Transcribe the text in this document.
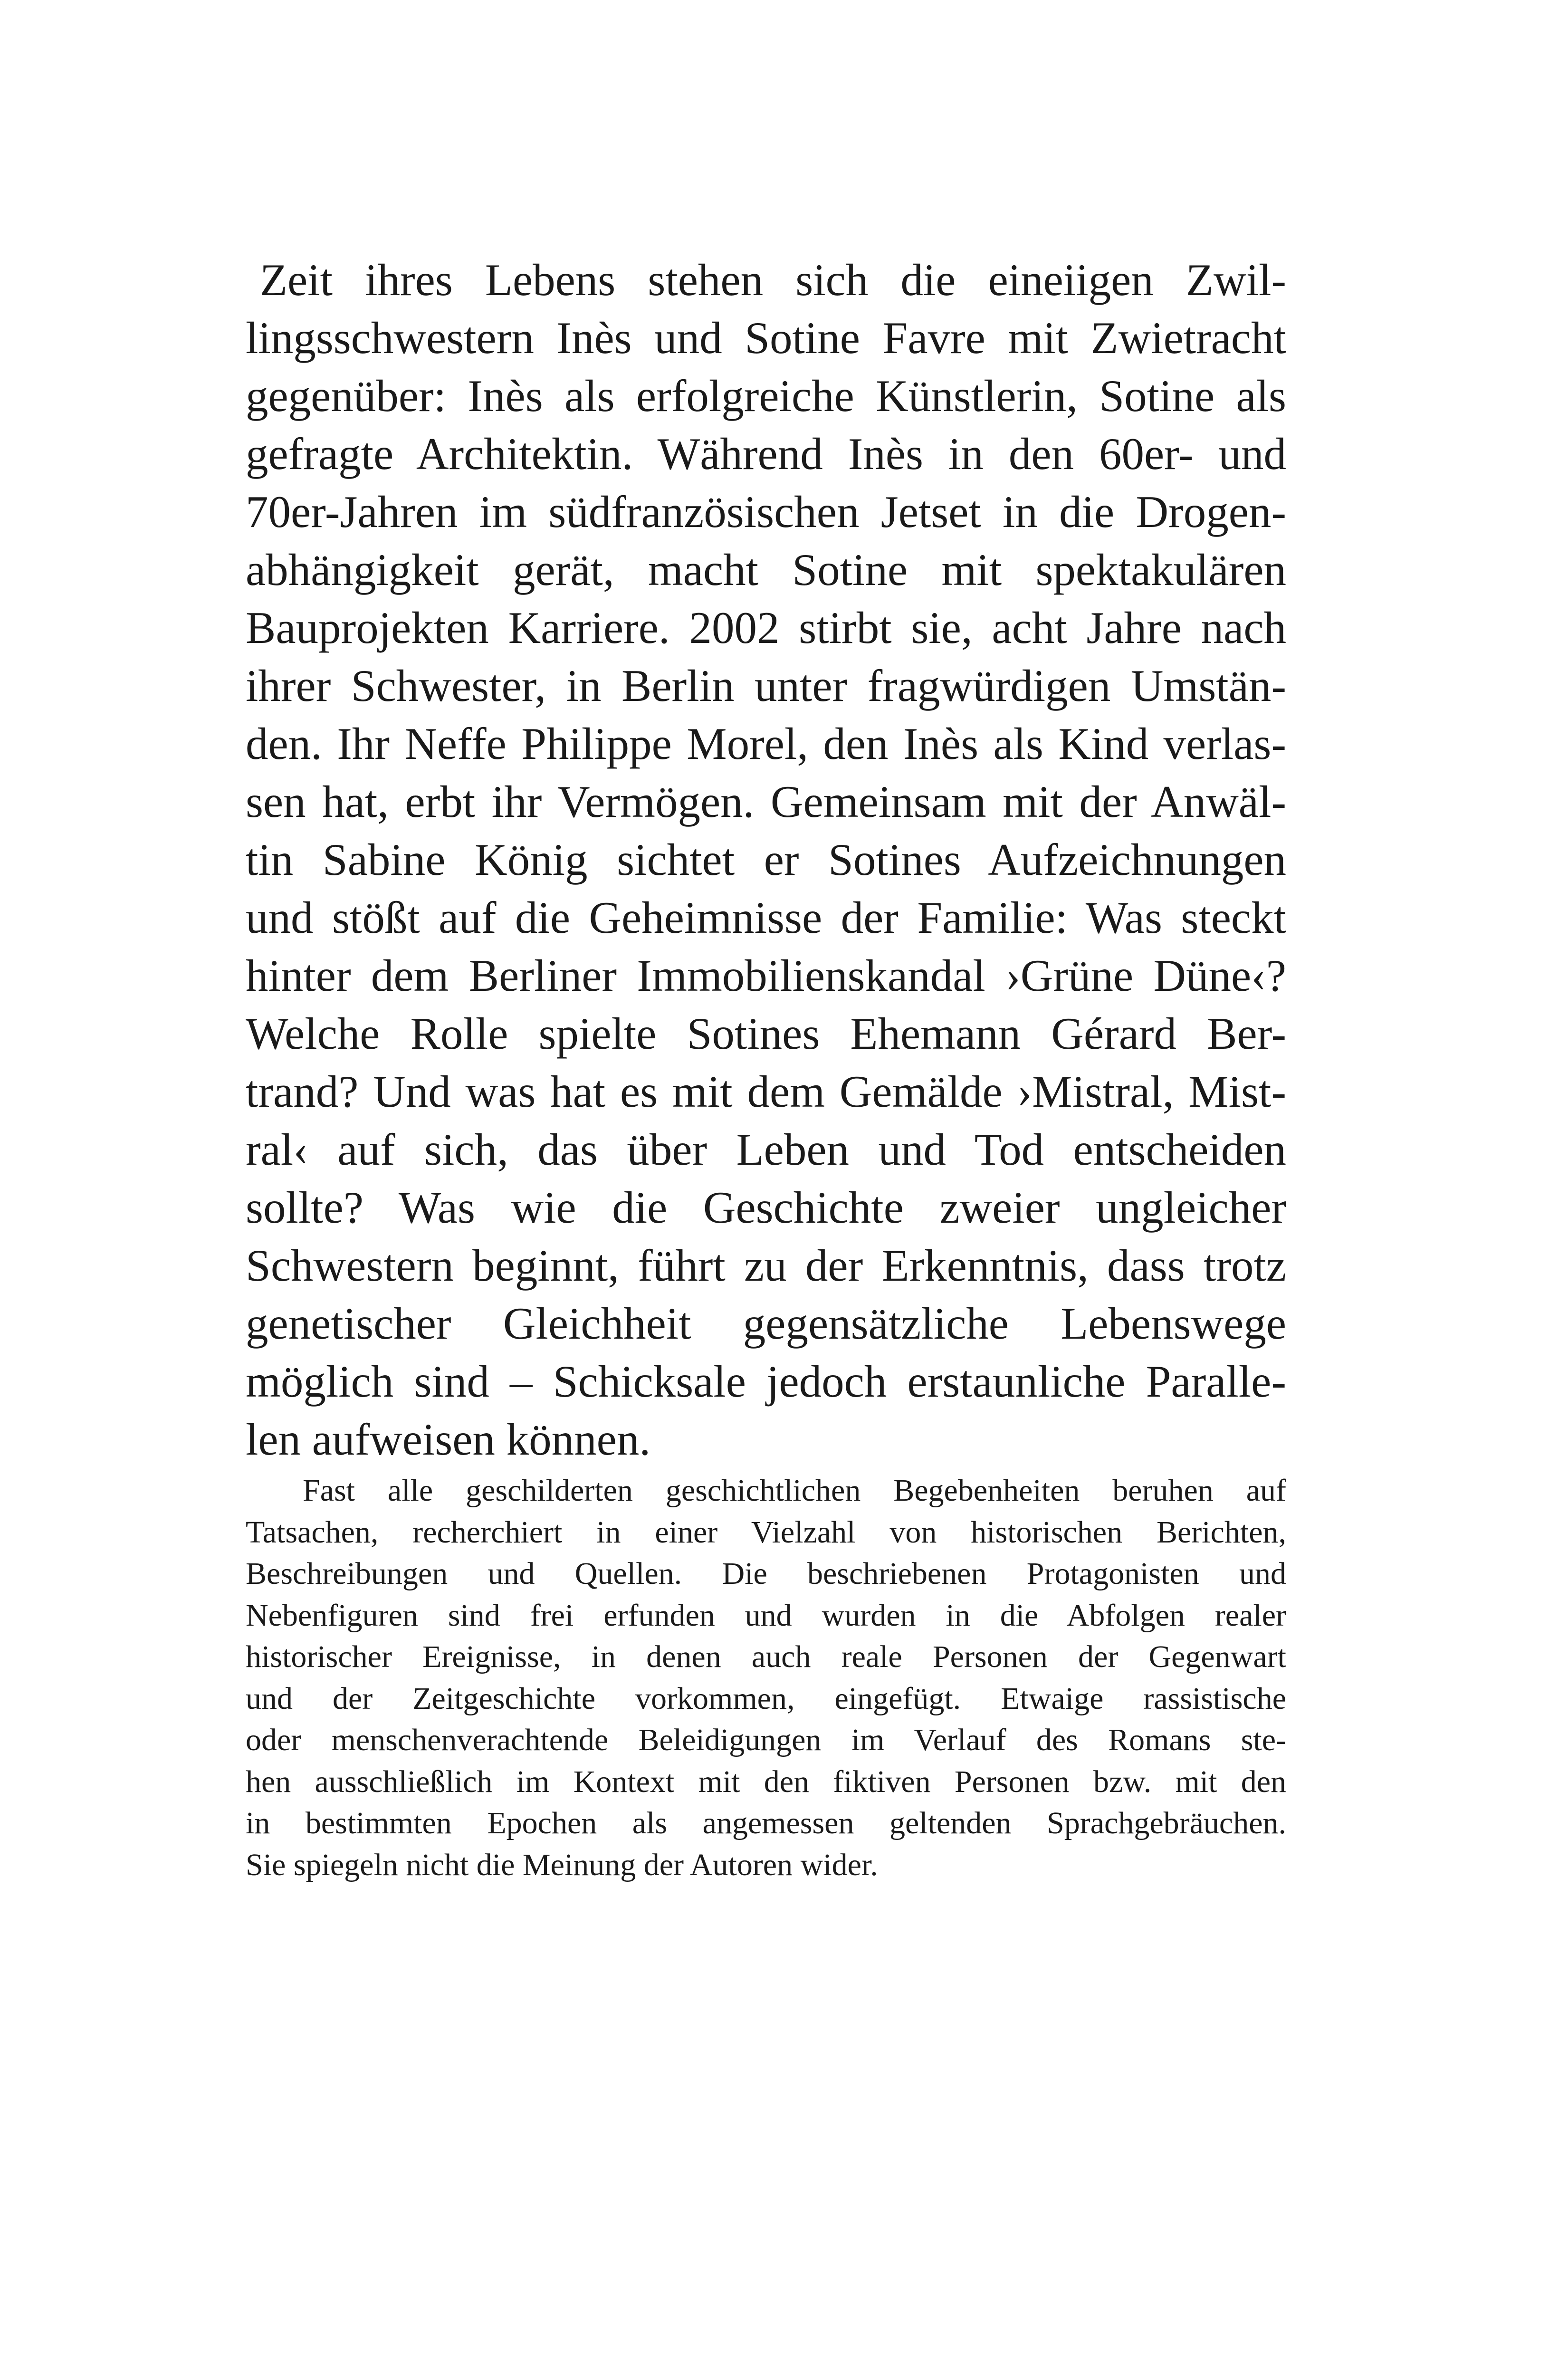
Zeit ihres Lebens stehen sich die eineiigen Zwil-
lingsschwestern Inès und Sotine Favre mit Zwietracht
gegenüber: Inès als erfolgreiche Künstlerin, Sotine als
gefragte Architektin. Während Inès in den 60er- und
70er-Jahren im südfranzösischen Jetset in die Drogen-
abhängigkeit gerät, macht Sotine mit spektakulären
Bauprojekten Karriere. 2002 stirbt sie, acht Jahre nach
ihrer Schwester, in Berlin unter fragwürdigen Umstän-
den. Ihr Neffe Philippe Morel, den Inès als Kind verlas-
sen hat, erbt ihr Vermögen. Gemeinsam mit der Anwäl-
tin Sabine König sichtet er Sotines Aufzeichnungen
und stößt auf die Geheimnisse der Familie: Was steckt
hinter dem Berliner Immobilienskandal ›Grüne Düne‹?
Welche Rolle spielte Sotines Ehemann Gérard Ber-
trand? Und was hat es mit dem Gemälde ›Mistral, Mist-
ral‹ auf sich, das über Leben und Tod entscheiden
sollte? Was wie die Geschichte zweier ungleicher
Schwestern beginnt, führt zu der Erkenntnis, dass trotz
genetischer Gleichheit gegensätzliche Lebenswege
möglich sind – Schicksale jedoch erstaunliche Paralle-
len aufweisen können.
Fast alle geschilderten geschichtlichen Begebenheiten beruhen auf
Tatsachen, recherchiert in einer Vielzahl von historischen Berichten,
Beschreibungen und Quellen. Die beschriebenen Protagonisten und
Nebenfiguren sind frei erfunden und wurden in die Abfolgen realer
historischer Ereignisse, in denen auch reale Personen der Gegenwart
und der Zeitgeschichte vorkommen, eingefügt. Etwaige rassistische
oder menschenverachtende Beleidigungen im Verlauf des Romans ste-
hen ausschließlich im Kontext mit den fiktiven Personen bzw. mit den
in bestimmten Epochen als angemessen geltenden Sprachgebräuchen.
Sie spiegeln nicht die Meinung der Autoren wider.
